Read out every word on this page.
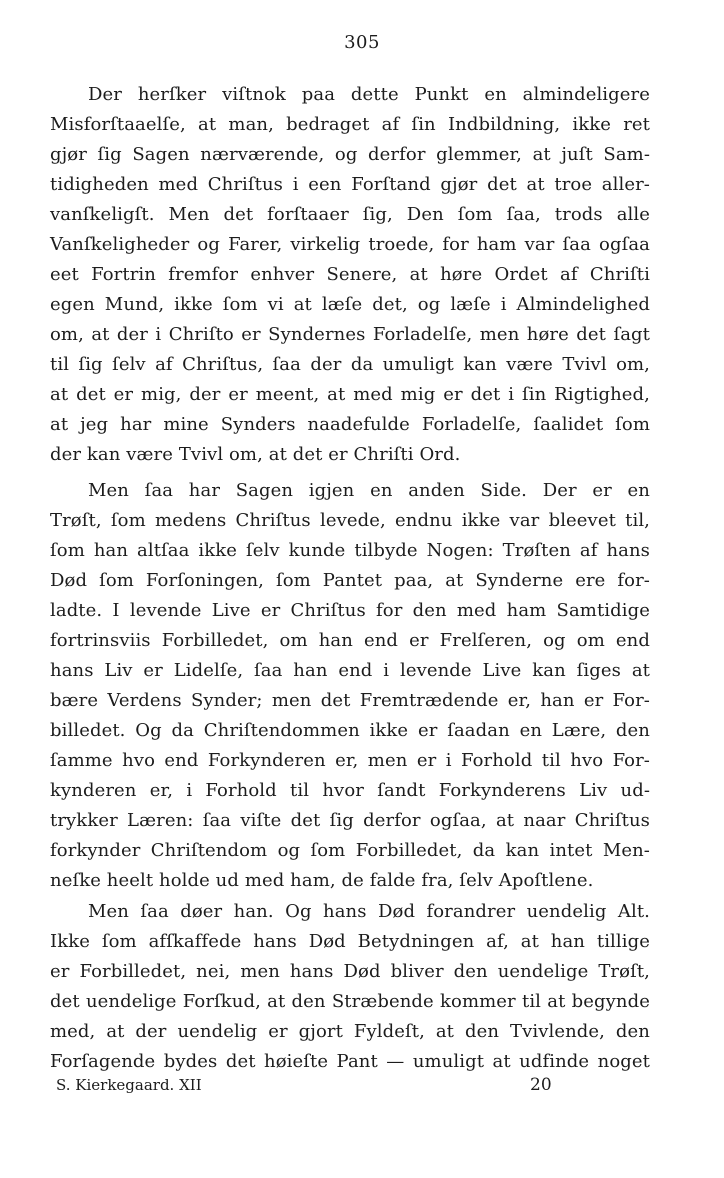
305
Der herſker viſtnok paa dette Punkt en almindeligere
Misforſtaaelſe, at man, bedraget af ſin Indbildning, ikke ret
gjør ſig Sagen nærværende, og derfor glemmer, at juſt Sam-
tidigheden med Chriſtus i een Forſtand gjør det at troe aller-
vanſkeligſt. Men det forſtaaer ſig, Den ſom ſaa, trods alle
Vanſkeligheder og Farer, virkelig troede, for ham var ſaa ogſaa
eet Fortrin fremfor enhver Senere, at høre Ordet af Chriſti
egen Mund, ikke ſom vi at læſe det, og læſe i Almindelighed
om, at der i Chriſto er Syndernes Forladelſe, men høre det ſagt
til ſig ſelv af Chriſtus, ſaa der da umuligt kan være Tvivl om,
at det er mig, der er meent, at med mig er det i ſin Rigtighed,
at jeg har mine Synders naadefulde Forladelſe, ſaalidet ſom
der kan være Tvivl om, at det er Chriſti Ord.
Men ſaa har Sagen igjen en anden Side. Der er en
Trøſt, ſom medens Chriſtus levede, endnu ikke var bleevet til,
ſom han altſaa ikke ſelv kunde tilbyde Nogen: Trøſten af hans
Død ſom Forſoningen, ſom Pantet paa, at Synderne ere for-
ladte. I levende Live er Chriſtus for den med ham Samtidige
fortrinsviis Forbilledet, om han end er Frelſeren, og om end
hans Liv er Lidelſe, ſaa han end i levende Live kan ſiges at
bære Verdens Synder; men det Fremtrædende er, han er For-
billedet. Og da Chriſtendommen ikke er ſaadan en Lære, den
ſamme hvo end Forkynderen er, men er i Forhold til hvo For-
kynderen er, i Forhold til hvor ſandt Forkynderens Liv ud-
trykker Læren: ſaa viſte det ſig derfor ogſaa, at naar Chriſtus
forkynder Chriſtendom og ſom Forbilledet, da kan intet Men-
neſke heelt holde ud med ham, de falde fra, ſelv Apoſtlene.
Men ſaa døer han. Og hans Død forandrer uendelig Alt.
Ikke ſom afſkaffede hans Død Betydningen af, at han tillige
er Forbilledet, nei, men hans Død bliver den uendelige Trøſt,
det uendelige Forſkud, at den Stræbende kommer til at begynde
med, at der uendelig er gjort Fyldeſt, at den Tvivlende, den
Forſagende bydes det høieſte Pant — umuligt at udfinde noget
S. Kierkegaard. XII	20
